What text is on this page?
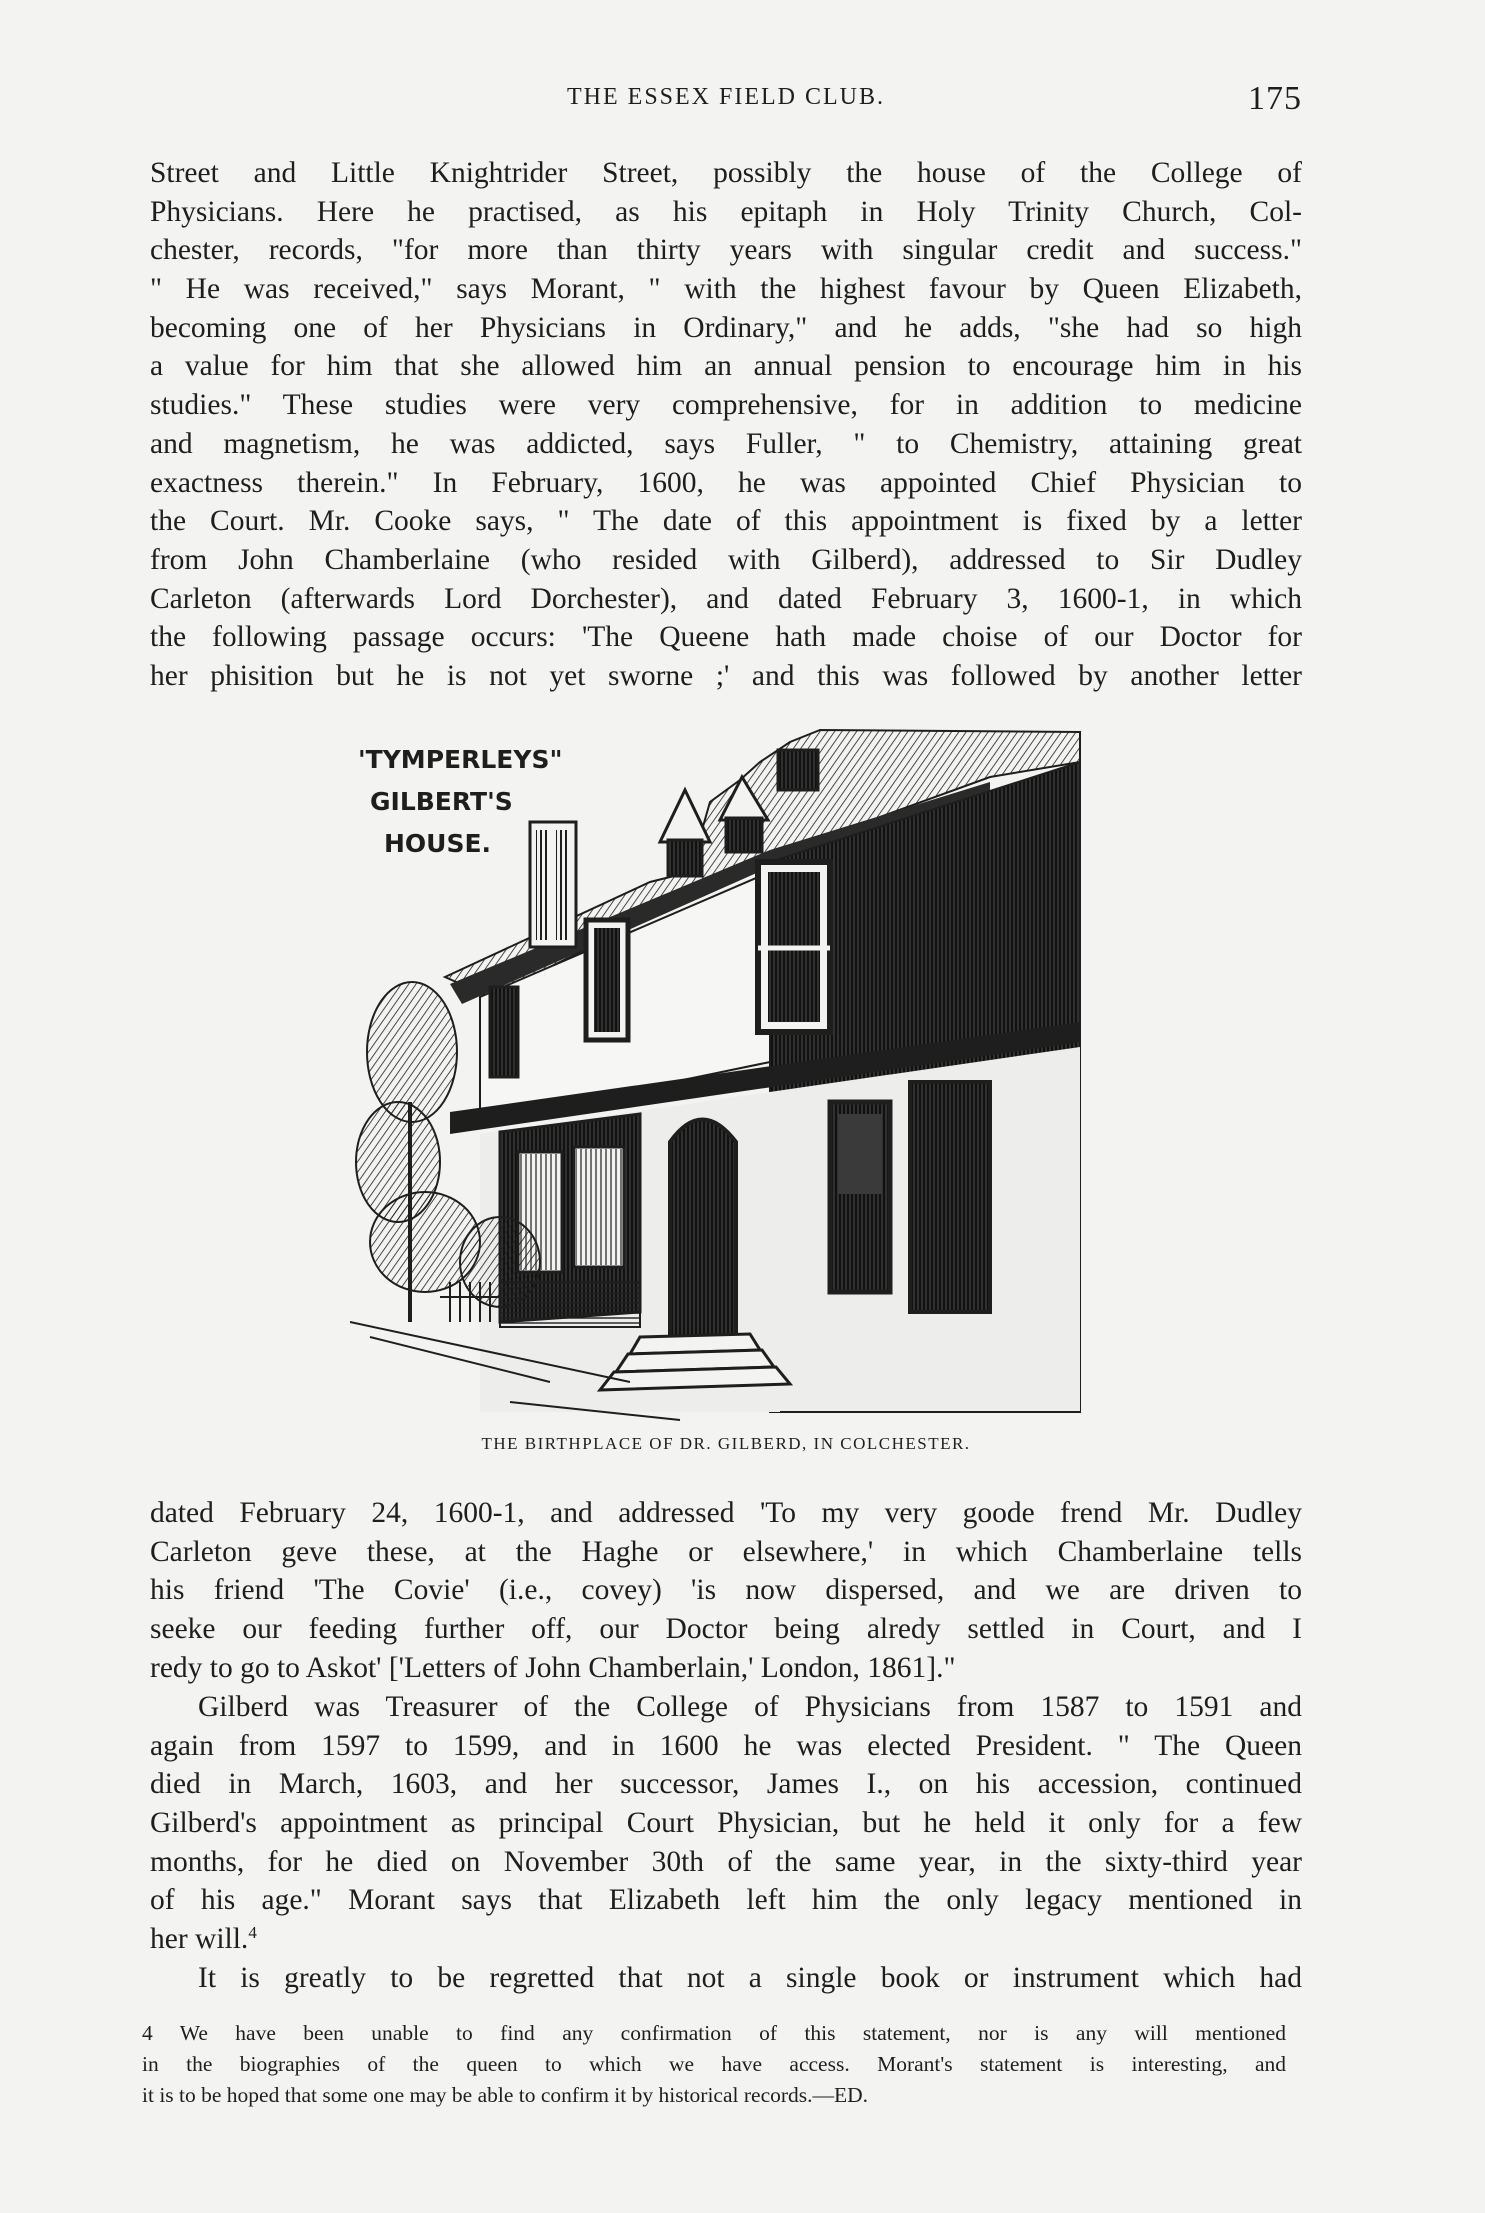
THE ESSEX FIELD CLUB.	175
Street and Little Knightrider Street, possibly the house of the College of
Physicians. Here he practised, as his epitaph in Holy Trinity Church, Col-
chester, records, "for more than thirty years with singular credit and success."
" He was received," says Morant, " with the highest favour by Queen Elizabeth,
becoming one of her Physicians in Ordinary," and he adds, "she had so high
a value for him that she allowed him an annual pension to encourage him in his
studies." These studies were very comprehensive, for in addition to medicine
and magnetism, he was addicted, says Fuller, " to Chemistry, attaining great
exactness therein." In February, 1600, he was appointed Chief Physician to
the Court. Mr. Cooke says, " The date of this appointment is fixed by a letter
from John Chamberlaine (who resided with Gilberd), addressed to Sir Dudley
Carleton (afterwards Lord Dorchester), and dated February 3, 1600-1, in which
the following passage occurs: 'The Queene hath made choise of our Doctor for
her phisition but he is not yet sworne ;' and this was followed by another letter
'TYMPERLEYS"
GILBERT'S
HOUSE.
THE BIRTHPLACE OF DR. GILBERD, IN COLCHESTER.
dated February 24, 1600-1, and addressed 'To my very goode frend Mr. Dudley
Carleton geve these, at the Haghe or elsewhere,' in which Chamberlaine tells
his friend 'The Covie' (i.e., covey) 'is now dispersed, and we are driven to
seeke our feeding further off, our Doctor being alredy settled in Court, and I
redy to go to Askot' ['Letters of John Chamberlain,' London, 1861]."
Gilberd was Treasurer of the College of Physicians from 1587 to 1591 and
again from 1597 to 1599, and in 1600 he was elected President. " The Queen
died in March, 1603, and her successor, James I., on his accession, continued
Gilberd's appointment as principal Court Physician, but he held it only for a few
months, for he died on November 30th of the same year, in the sixty-third year
of his age." Morant says that Elizabeth left him the only legacy mentioned in
her will.$^4$
It is greatly to be regretted that not a single book or instrument which had
4 We have been unable to find any confirmation of this statement, nor is any will mentioned
in the biographies of the queen to which we have access. Morant's statement is interesting, and
it is to be hoped that some one may be able to confirm it by historical records.—ED.
